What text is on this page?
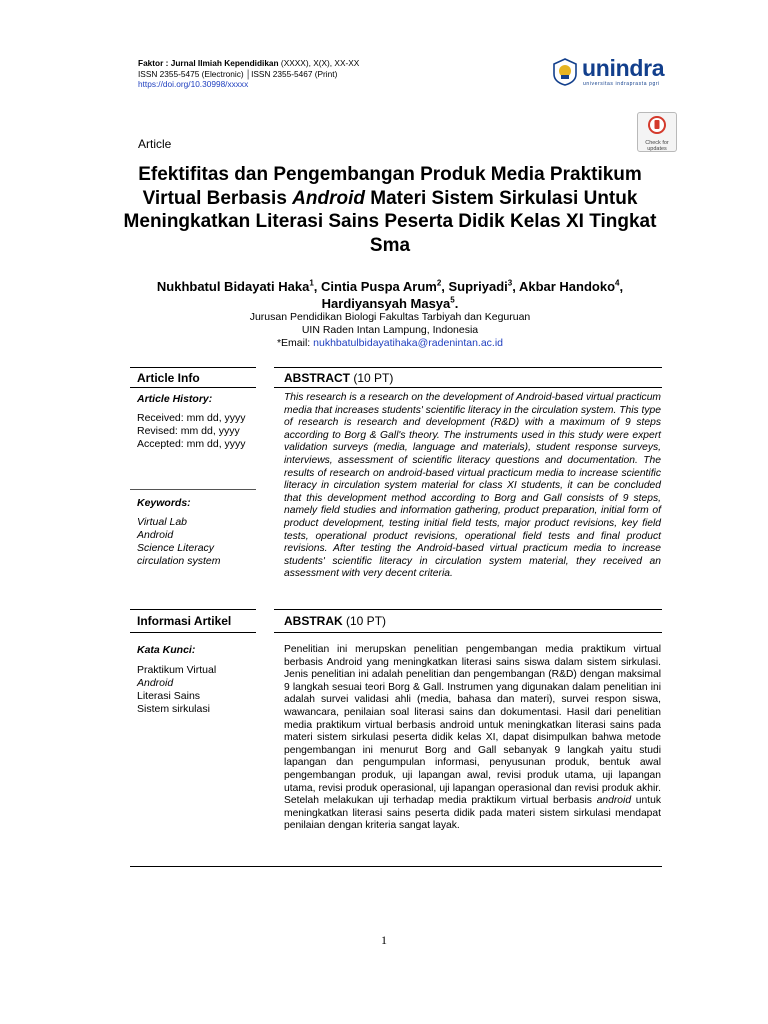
Faktor : Jurnal Ilmiah Kependidikan (XXXX), X(X), XX-XX
ISSN 2355-5475 (Electronic) │ISSN 2355-5467 (Print)
https://doi.org/10.30998/xxxxx
unindra
universitas indraprasta pgri
Check for
updates
Article
Efektifitas dan Pengembangan Produk Media Praktikum Virtual Berbasis Android Materi Sistem Sirkulasi Untuk Meningkatkan Literasi Sains Peserta Didik Kelas XI Tingkat Sma
Nukhbatul Bidayati Haka$^1$, Cintia Puspa Arum$^2$, Supriyadi$^3$, Akbar Handoko$^4$, Hardiyansyah Masya$^5$.
Jurusan Pendidikan Biologi Fakultas Tarbiyah dan Keguruan
UIN Raden Intan Lampung, Indonesia
*Email: nukhbatulbidayatihaka@radenintan.ac.id
Article Info	ABSTRACT (10 PT)
Article History:
Received: mm dd, yyyy
Revised: mm dd, yyyy
Accepted: mm dd, yyyy
Keywords:
Virtual Lab
Android
Science Literacy
circulation system
This research is a research on the development of Android-based virtual practicum media that increases students' scientific literacy in the circulation system. This type of research is research and development (R&D) with a maximum of 9 steps according to Borg & Gall's theory. The instruments used in this study were expert validation surveys (media, language and materials), student response surveys, interviews, assessment of scientific literacy questions and documentation. The results of research on android-based virtual practicum media to increase scientific literacy in circulation system material for class XI students, it can be concluded that this development method according to Borg and Gall consists of 9 steps, namely field studies and information gathering, product preparation, initial form of product development, testing initial field tests, major product revisions, key field tests, operational product revisions, operational field tests and final product revisions. After testing the Android-based virtual practicum media to increase students' scientific literacy in circulation system material, they received an assessment with very decent criteria.
Informasi Artikel	ABSTRAK (10 PT)
Kata Kunci:
Praktikum Virtual
Android
Literasi Sains
Sistem sirkulasi
Penelitian ini merupskan penelitian pengembangan media praktikum virtual berbasis Android yang meningkatkan literasi sains siswa dalam sistem sirkulasi. Jenis penelitian ini adalah penelitian dan pengembangan (R&D) dengan maksimal 9 langkah sesuai teori Borg & Gall. Instrumen yang digunakan dalam penelitian ini adalah survei validasi ahli (media, bahasa dan materi), survei respon siswa, wawancara, penilaian soal literasi sains dan dokumentasi. Hasil dari penelitian media praktikum virtual berbasis android untuk meningkatkan literasi sains pada materi sistem sirkulasi peserta didik kelas XI, dapat disimpulkan bahwa metode pengembangan ini menurut Borg and Gall sebanyak 9 langkah yaitu studi lapangan dan pengumpulan informasi, penyusunan produk, bentuk awal pengembangan produk, uji lapangan awal, revisi produk utama, uji lapangan utama, revisi produk operasional, uji lapangan operasional dan revisi produk akhir. Setelah melakukan uji terhadap media praktikum virtual berbasis android untuk meningkatkan literasi sains peserta didik pada materi sistem sirkulasi mendapat penilaian dengan kriteria sangat layak.
1
